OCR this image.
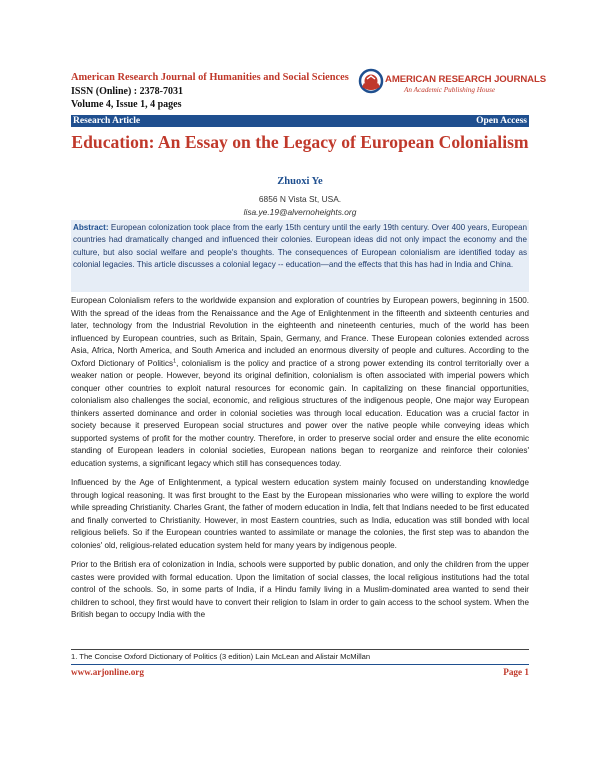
American Research Journal of Humanities and Social Sciences
ISSN (Online) : 2378-7031
Volume 4, Issue 1, 4 pages
AMERICAN RESEARCH JOURNALS
An Academic Publishing House
Research Article	Open Access
Education: An Essay on the Legacy of European Colonialism
Zhuoxi Ye
6856 N Vista St, USA.
lisa.ye.19@alvernoheights.org
Abstract: European colonization took place from the early 15th century until the early 19th century. Over 400 years, European countries had dramatically changed and influenced their colonies. European ideas did not only impact the economy and the culture, but also social welfare and people's thoughts. The consequences of European colonialism are identified today as colonial legacies. This article discusses a colonial legacy -- education—and the effects that this has had in India and China.

European Colonialism refers to the worldwide expansion and exploration of countries by European powers, beginning in 1500. With the spread of the ideas from the Renaissance and the Age of Enlightenment in the fifteenth and sixteenth centuries and later, technology from the Industrial Revolution in the eighteenth and nineteenth centuries, much of the world has been influenced by European countries, such as Britain, Spain, Germany, and France. These European colonies extended across Asia, Africa, North America, and South America and included an enormous diversity of people and cultures. According to the Oxford Dictionary of Politics$^1$, colonialism is the policy and practice of a strong power extending its control territorially over a weaker nation or people. However, beyond its original definition, colonialism is often associated with imperial powers which conquer other countries to exploit natural resources for economic gain. In capitalizing on these financial opportunities, colonialism also challenges the social, economic, and religious structures of the indigenous people, One major way European thinkers asserted dominance and order in colonial societies was through local education. Education was a crucial factor in society because it preserved European social structures and power over the native people while conveying ideas which supported systems of profit for the mother country. Therefore, in order to preserve social order and ensure the elite economic standing of European leaders in colonial societies, European nations began to reorganize and reinforce their colonies' education systems, a significant legacy which still has consequences today.

Influenced by the Age of Enlightenment, a typical western education system mainly focused on understanding knowledge through logical reasoning. It was first brought to the East by the European missionaries who were willing to explore the world while spreading Christianity. Charles Grant, the father of modern education in India, felt that Indians needed to be first educated and finally converted to Christianity. However, in most Eastern countries, such as India, education was still bonded with local religious beliefs. So if the European countries wanted to assimilate or manage the colonies, the first step was to abandon the colonies' old, religious-related education system held for many years by indigenous people.

Prior to the British era of colonization in India, schools were supported by public donation, and only the children from the upper castes were provided with formal education. Upon the limitation of social classes, the local religious institutions had the total control of the schools. So, in some parts of India, if a Hindu family living in a Muslim-dominated area wanted to send their children to school, they first would have to convert their religion to Islam in order to gain access to the school system. When the British began to occupy India with the

1. The Concise Oxford Dictionary of Politics (3 edition) Lain McLean and Alistair McMillan
www.arjonline.org	Page 1
